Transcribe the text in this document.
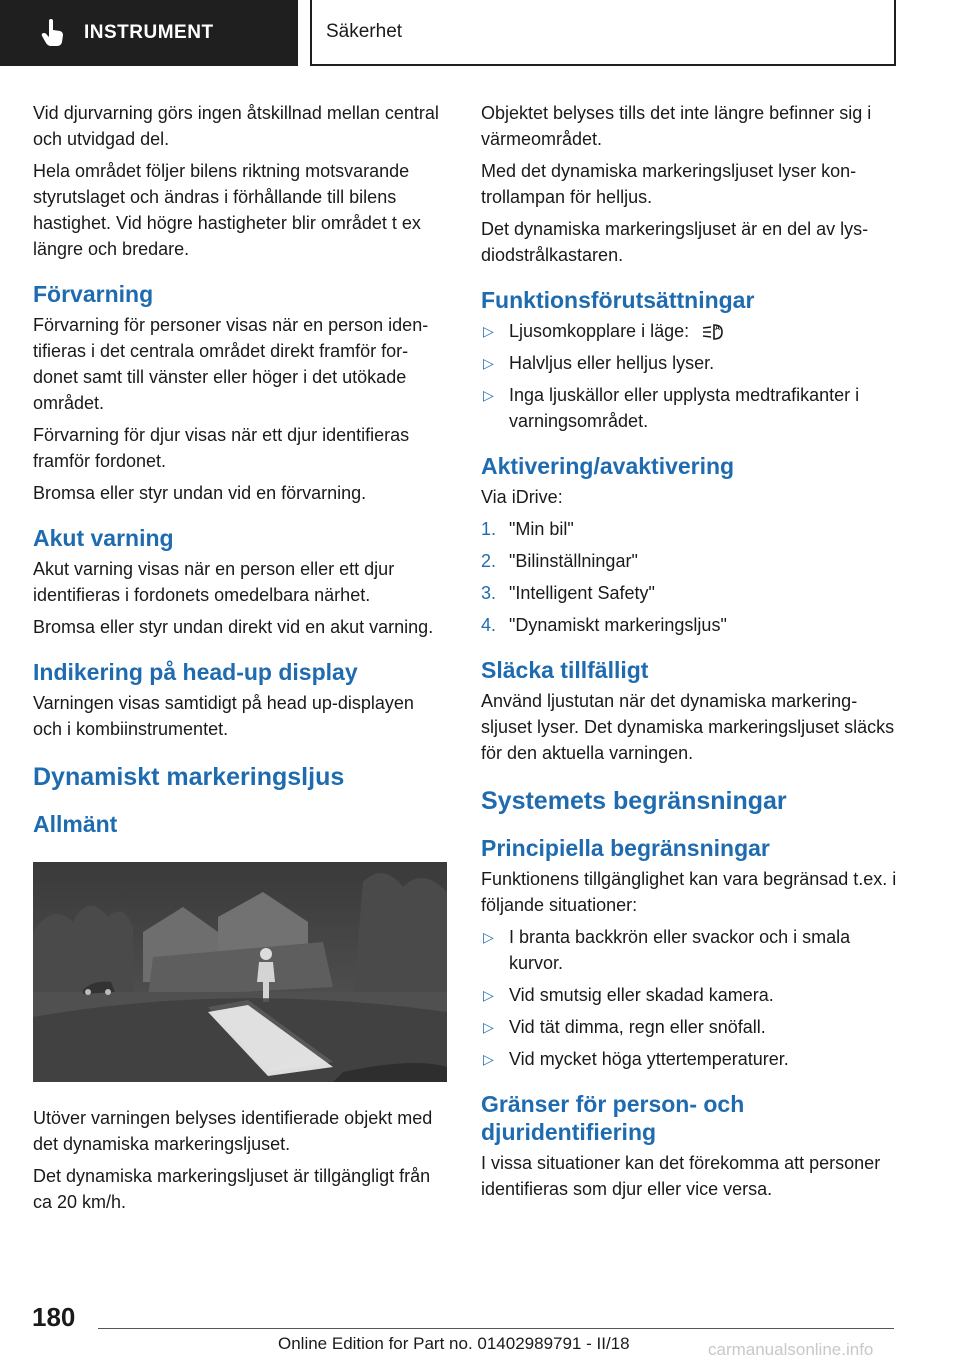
INSTRUMENT	Säkerhet

Vid djurvarning görs ingen åtskillnad mellan central och utvidgad del.

Hela området följer bilens riktning motsvarande styrutslaget och ändras i förhållande till bilens hastighet. Vid högre hastigheter blir området t ex längre och bredare.

Förvarning

Förvarning för personer visas när en person identifieras i det centrala området direkt framför fordonet samt till vänster eller höger i det utökade området.

Förvarning för djur visas när ett djur identifieras framför fordonet.

Bromsa eller styr undan vid en förvarning.

Akut varning

Akut varning visas när en person eller ett djur identifieras i fordonets omedelbara närhet.

Bromsa eller styr undan direkt vid en akut varning.

Indikering på head-up display

Varningen visas samtidigt på head up-displayen och i kombiinstrumentet.

Dynamiskt markeringsljus
Allmänt

Utöver varningen belyses identifierade objekt med det dynamiska markeringsljuset.

Det dynamiska markeringsljuset är tillgängligt från ca 20 km/h.

Objektet belyses tills det inte längre befinner sig i värmeområdet.

Med det dynamiska markeringsljuset lyser kontrollampan för helljus.

Det dynamiska markeringsljuset är en del av lysdiodstrålkastaren.

Funktionsförutsättningar
▷ Ljusomkopplare i läge:	A
▷ Halvljus eller helljus lyser.
▷ Inga ljuskällor eller upplysta medtrafikanter i varningsområdet.
Aktivering/avaktivering

Via iDrive:

1. "Min bil"
2. "Bilinställningar"
3. "Intelligent Safety"
4. "Dynamiskt markeringsljus"
Släcka tillfälligt

Använd ljustutan när det dynamiska markeringsljuset lyser. Det dynamiska markeringsljuset släcks för den aktuella varningen.

Systemets begränsningar
Principiella begränsningar

Funktionens tillgänglighet kan vara begränsad t.ex. i följande situationer:

▷ I branta backkrön eller svackor och i smala kurvor.
▷ Vid smutsig eller skadad kamera.
▷ Vid tät dimma, regn eller snöfall.
▷ Vid mycket höga yttertemperaturer.
Gränser för person- och djuridentifiering

I vissa situationer kan det förekomma att personer identifieras som djur eller vice versa.

180
Online Edition for Part no. 01402989791 - II/18	carmanualsonline.info
